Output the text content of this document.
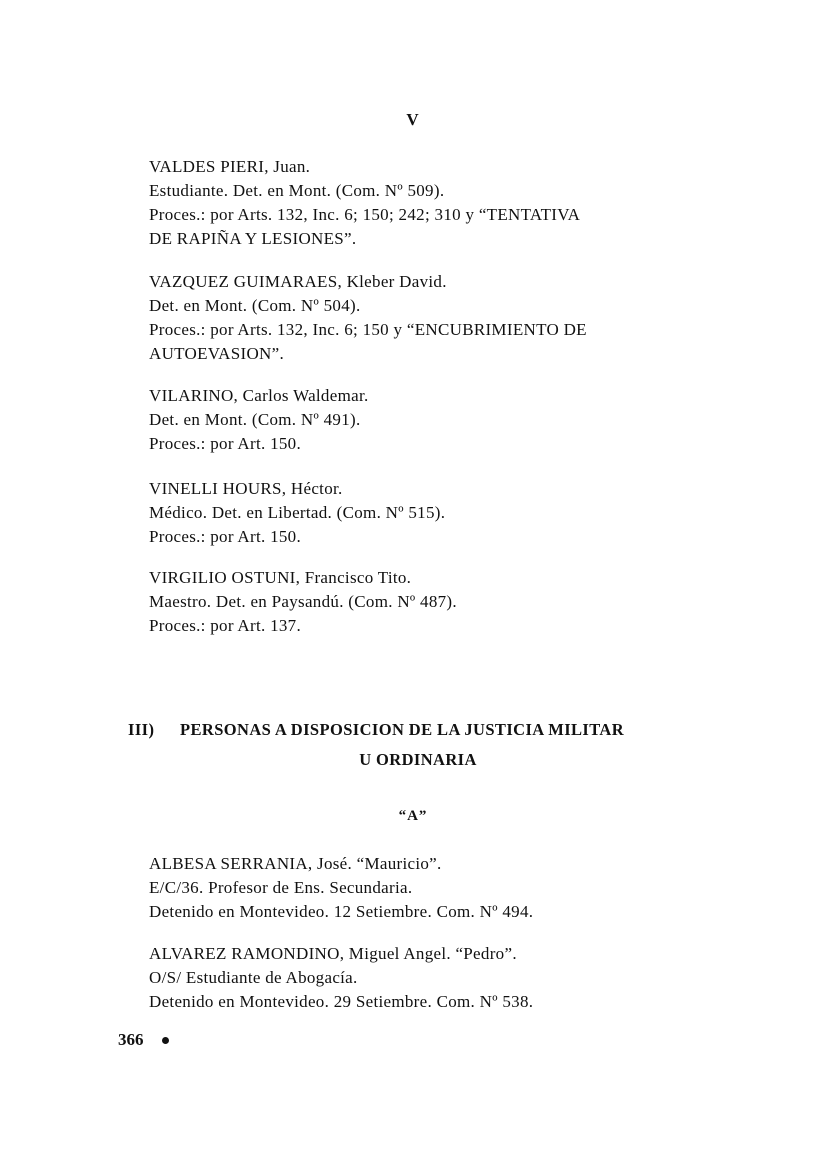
V
VALDES PIERI, Juan.
Estudiante. Det. en Mont. (Com. Nº 509).
Proces.: por Arts. 132, Inc. 6; 150; 242; 310 y “TENTATIVA
DE RAPIÑA Y LESIONES”.
VAZQUEZ GUIMARAES, Kleber David.
Det. en Mont. (Com. Nº 504).
Proces.: por Arts. 132, Inc. 6; 150 y “ENCUBRIMIENTO DE
AUTOEVASION”.
VILARINO, Carlos Waldemar.
Det. en Mont. (Com. Nº 491).
Proces.: por Art. 150.
VINELLI HOURS, Héctor.
Médico. Det. en Libertad. (Com. Nº 515).
Proces.: por Art. 150.
VIRGILIO OSTUNI, Francisco Tito.
Maestro. Det. en Paysandú. (Com. Nº 487).
Proces.: por Art. 137.
III) PERSONAS A DISPOSICION DE LA JUSTICIA MILITAR
U ORDINARIA
“A”
ALBESA SERRANIA, José. “Mauricio”.
E/C/36. Profesor de Ens. Secundaria.
Detenido en Montevideo. 12 Setiembre. Com. Nº 494.
ALVAREZ RAMONDINO, Miguel Angel. “Pedro”.
O/S/ Estudiante de Abogacía.
Detenido en Montevideo. 29 Setiembre. Com. Nº 538.
366
